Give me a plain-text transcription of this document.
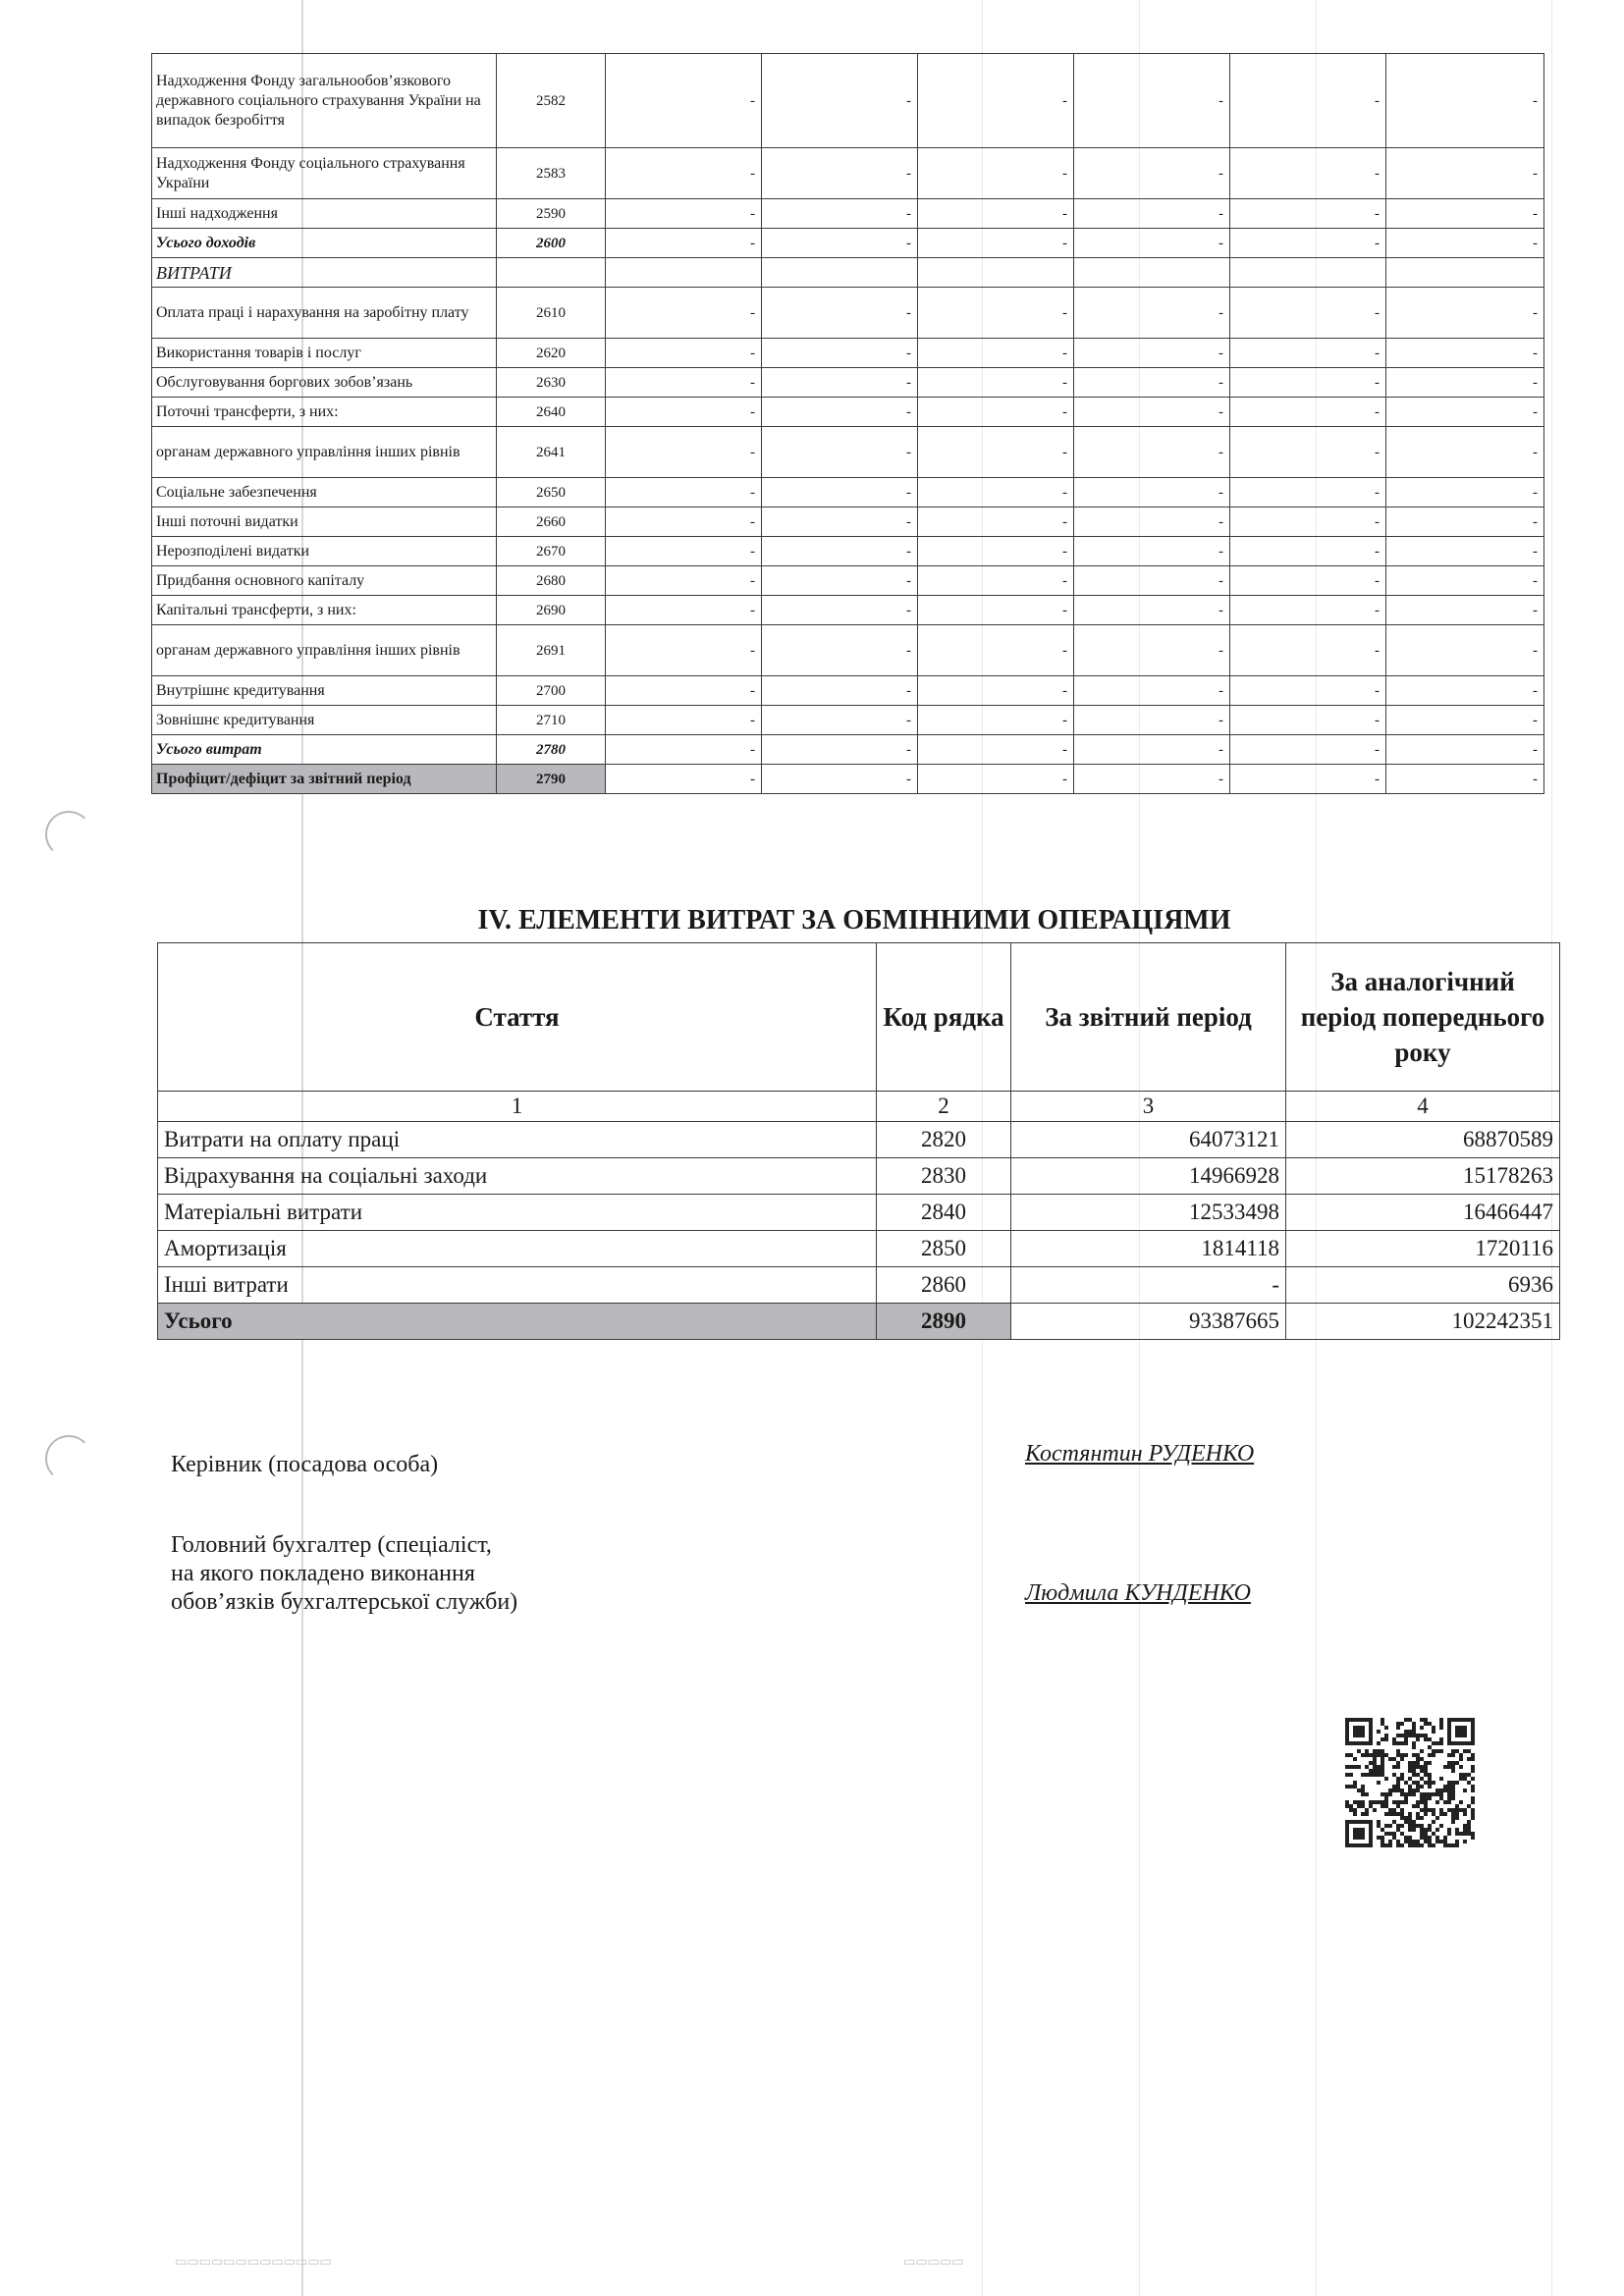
Надходження Фонду загальнообов’язкового державного соціального страхування України на випадок безробіття	2582	-	-	-	-	-	-
Надходження Фонду соціального страхування України	2583	-	-	-	-	-	-
Інші надходження	2590	-	-	-	-	-	-
Усього доходів	2600	-	-	-	-	-	-
ВИТРАТИ							
Оплата праці і нарахування на заробітну плату	2610	-	-	-	-	-	-
Використання товарів і послуг	2620	-	-	-	-	-	-
Обслуговування боргових зобов’язань	2630	-	-	-	-	-	-
Поточні трансферти, з них:	2640	-	-	-	-	-	-
органам державного управління інших рівнів	2641	-	-	-	-	-	-
Соціальне забезпечення	2650	-	-	-	-	-	-
Інші поточні видатки	2660	-	-	-	-	-	-
Нерозподілені видатки	2670	-	-	-	-	-	-
Придбання основного капіталу	2680	-	-	-	-	-	-
Капітальні трансферти, з них:	2690	-	-	-	-	-	-
органам державного управління інших рівнів	2691	-	-	-	-	-	-
Внутрішнє кредитування	2700	-	-	-	-	-	-
Зовнішнє кредитування	2710	-	-	-	-	-	-
Усього витрат	2780	-	-	-	-	-	-
Профіцит/дефіцит за звітний період	2790	-	-	-	-	-	-
IV. ЕЛЕМЕНТИ ВИТРАТ ЗА ОБМІННИМИ ОПЕРАЦІЯМИ
Стаття	Код рядка	За звітний період	За аналогічний період попереднього року
1	2	3	4
Витрати на оплату праці	2820	64073121	68870589
Відрахування на соціальні заходи	2830	14966928	15178263
Матеріальні витрати	2840	12533498	16466447
Амортизація	2850	1814118	1720116
Інші витрати	2860	-	6936
Усього	2890	93387665	102242351
Керівник (посадова особа)	Костянтин РУДЕНКО
Головний бухгалтер (спеціаліст,
на якого покладено виконання
обов’язків бухгалтерської служби)	Людмила КУНДЕНКО
▭▭▭▭▭▭▭▭▭▭▭▭▭	▭▭▭▭▭
